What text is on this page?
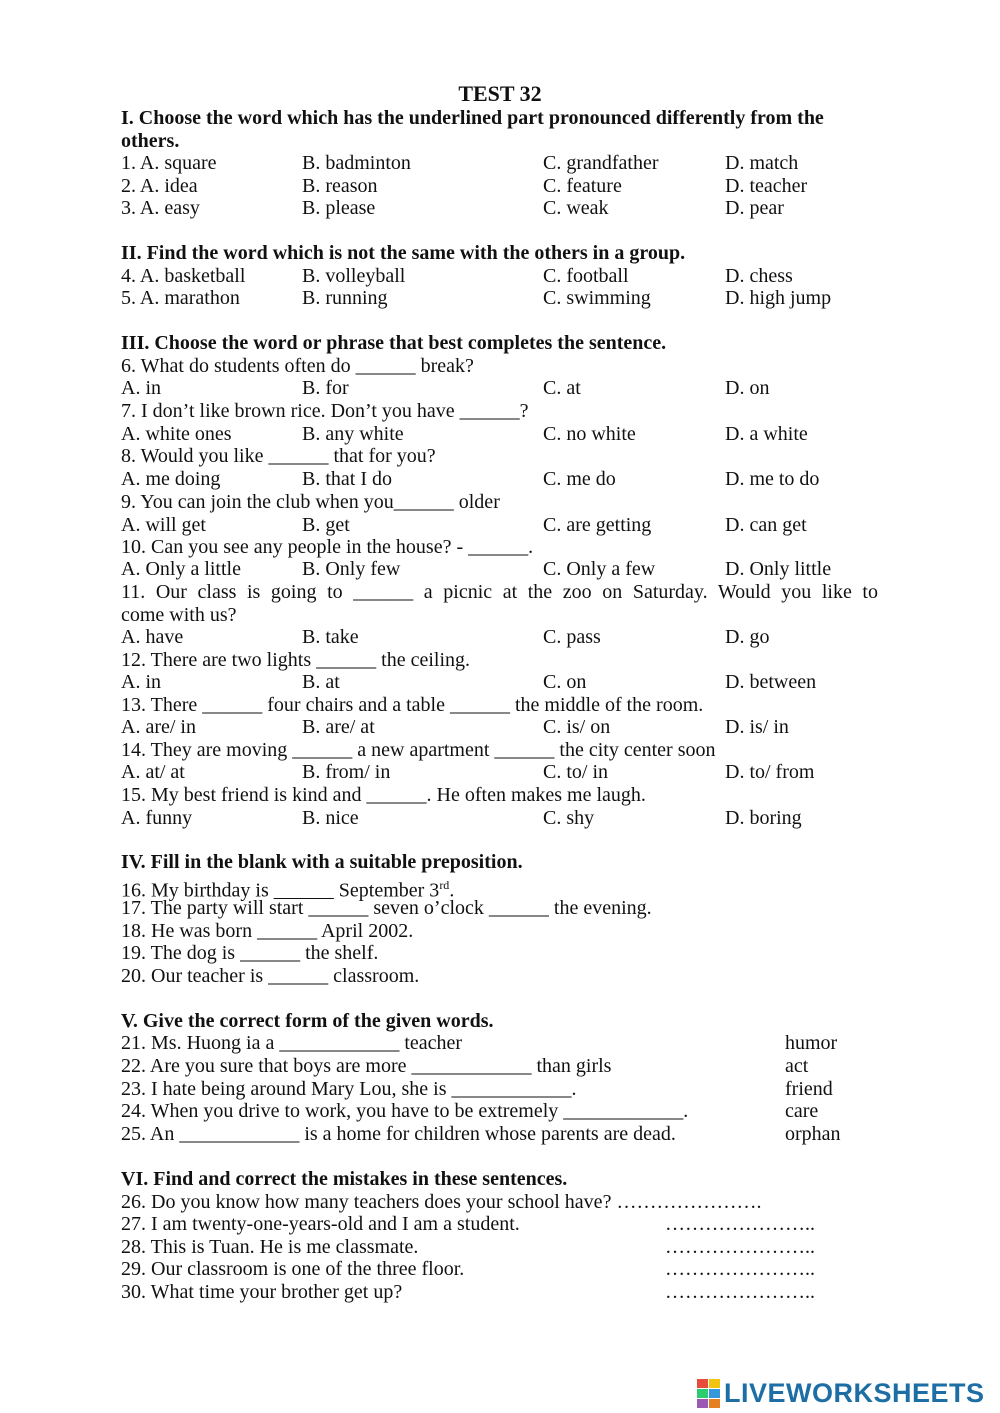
TEST 32
I. Choose the word which has the underlined part pronounced differently from the
others.
1. A. square	B. badminton	C. grandfather	D. match
2. A. idea	B. reason	C. feature	D. teacher
3. A. easy	B. please	C. weak	D. pear
II. Find the word which is not the same with the others in a group.
4. A. basketball	B. volleyball	C. football	D. chess
5. A. marathon	B. running	C. swimming	D. high jump
III. Choose the word or phrase that best completes the sentence.
6. What do students often do ______ break?
A. in	B. for	C. at	D. on
7. I don’t like brown rice. Don’t you have ______?
A. white ones	B. any white	C. no white	D. a white
8. Would you like ______ that for you?
A. me doing	B. that I do	C. me do	D. me to do
9. You can join the club when you______ older
A. will get	B. get	C. are getting	D. can get
10. Can you see any people in the house? - ______.
A. Only a little	B. Only few	C. Only a few	D. Only little
11. Our class is going to ______ a picnic at the zoo on Saturday. Would you like to
come with us?
A. have	B. take	C. pass	D. go
12. There are two lights ______ the ceiling.
A. in	B. at	C. on	D. between
13. There ______ four chairs and a table ______ the middle of the room.
A. are/ in	B. are/ at	C. is/ on	D. is/ in
14. They are moving ______ a new apartment ______ the city center soon
A. at/ at	B. from/ in	C. to/ in	D. to/ from
15. My best friend is kind and ______. He often makes me laugh.
A. funny	B. nice	C. shy	D. boring
IV. Fill in the blank with a suitable preposition.
16. My birthday is ______ September 3rd.
17. The party will start ______ seven o’clock ______ the evening.
18. He was born ______ April 2002.
19. The dog is ______ the shelf.
20. Our teacher is ______ classroom.
V. Give the correct form of the given words.
21. Ms. Huong ia a ____________ teacher	humor
22. Are you sure that boys are more ____________ than girls	act
23. I hate being around Mary Lou, she is ____________.	friend
24. When you drive to work, you have to be extremely ____________.	care
25. An ____________ is a home for children whose parents are dead.	orphan
VI. Find and correct the mistakes in these sentences.
26. Do you know how many teachers does your school have? ………………….
27. I am twenty-one-years-old and I am a student.	…………………..
28. This is Tuan. He is me classmate.	…………………..
29. Our classroom is one of the three floor.	…………………..
30. What time your brother get up?	…………………..
LIVEWORKSHEETS
